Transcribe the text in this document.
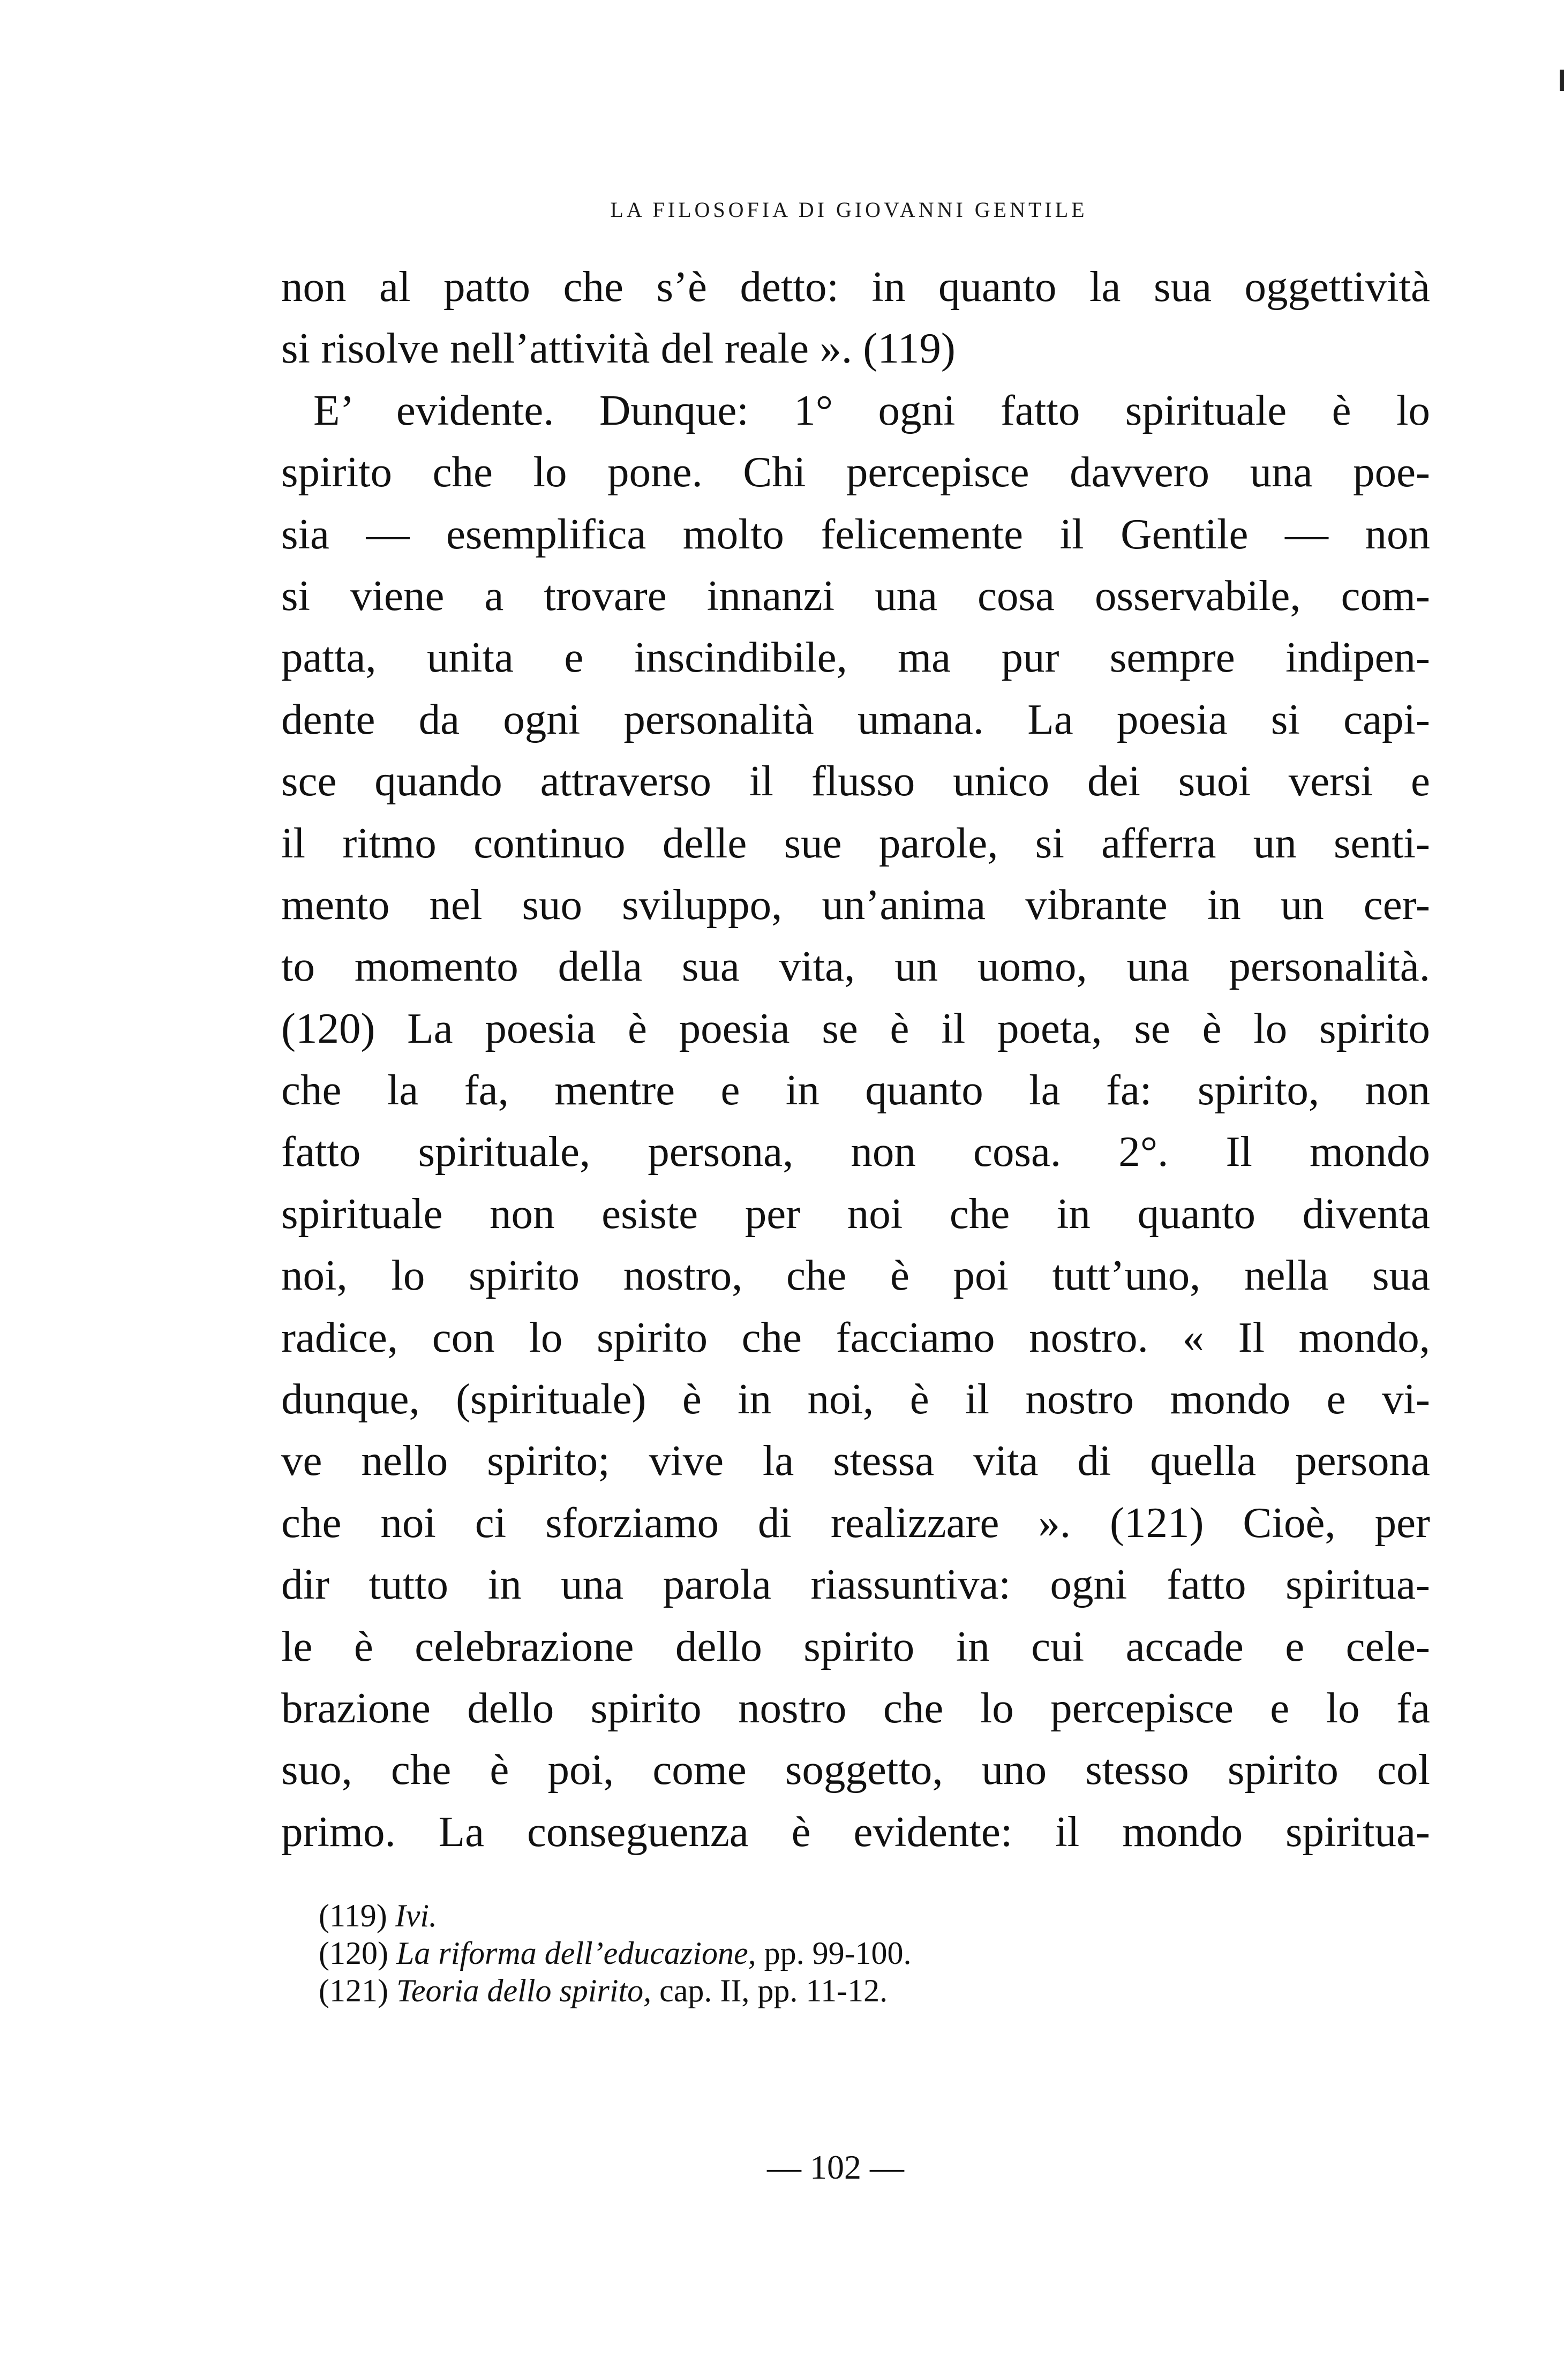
LA FILOSOFIA DI GIOVANNI GENTILE
non al patto che s’è detto: in quanto la sua oggettività
si risolve nell’attività del reale ». (119)
E’ evidente. Dunque: 1° ogni fatto spirituale è lo
spirito che lo pone. Chi percepisce davvero una poe-
sia — esemplifica molto felicemente il Gentile — non
si viene a trovare innanzi una cosa osservabile, com-
patta, unita e inscindibile, ma pur sempre indipen-
dente da ogni personalità umana. La poesia si capi-
sce quando attraverso il flusso unico dei suoi versi e
il ritmo continuo delle sue parole, si afferra un senti-
mento nel suo sviluppo, un’anima vibrante in un cer-
to momento della sua vita, un uomo, una personalità.
(120) La poesia è poesia se è il poeta, se è lo spirito
che la fa, mentre e in quanto la fa: spirito, non
fatto spirituale, persona, non cosa. 2°. Il mondo
spirituale non esiste per noi che in quanto diventa
noi, lo spirito nostro, che è poi tutt’uno, nella sua
radice, con lo spirito che facciamo nostro. « Il mondo,
dunque, (spirituale) è in noi, è il nostro mondo e vi-
ve nello spirito; vive la stessa vita di quella persona
che noi ci sforziamo di realizzare ». (121) Cioè, per
dir tutto in una parola riassuntiva: ogni fatto spiritua-
le è celebrazione dello spirito in cui accade e cele-
brazione dello spirito nostro che lo percepisce e lo fa
suo, che è poi, come soggetto, uno stesso spirito col
primo. La conseguenza è evidente: il mondo spiritua-
(119) Ivi.
(120) La riforma dell’educazione, pp. 99-100.
(121) Teoria dello spirito, cap. II, pp. 11-12.
— 102 —
